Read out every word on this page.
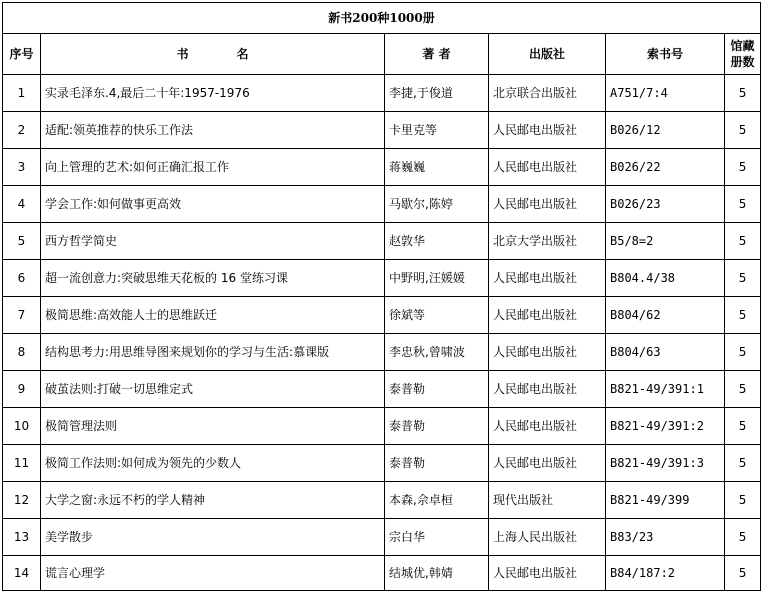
新书200种1000册					
序号	书　　　　名	著 者	出版社	索书号	馆藏册数
1	实录毛泽东.4,最后二十年:1957-1976	李捷,于俊道	北京联合出版社	A751/7:4	5
2	适配:领英推荐的快乐工作法	卡里克等	人民邮电出版社	B026/12	5
3	向上管理的艺术:如何正确汇报工作	蒋巍巍	人民邮电出版社	B026/22	5
4	学会工作:如何做事更高效	马歇尔,陈婷	人民邮电出版社	B026/23	5
5	西方哲学简史	赵敦华	北京大学出版社	B5/8=2	5
6	超一流创意力:突破思维天花板的 16 堂练习课	中野明,汪媛媛	人民邮电出版社	B804.4/38	5
7	极简思维:高效能人士的思维跃迁	徐斌等	人民邮电出版社	B804/62	5
8	结构思考力:用思维导图来规划你的学习与生活:慕课版	李忠秋,曾啸波	人民邮电出版社	B804/63	5
9	破茧法则:打破一切思维定式	泰普勒	人民邮电出版社	B821-49/391:1	5
10	极简管理法则	泰普勒	人民邮电出版社	B821-49/391:2	5
11	极简工作法则:如何成为领先的少数人	泰普勒	人民邮电出版社	B821-49/391:3	5
12	大学之窗:永远不朽的学人精神	本森,佘卓桓	现代出版社	B821-49/399	5
13	美学散步	宗白华	上海人民出版社	B83/23	5
14	谎言心理学	结城优,韩婧	人民邮电出版社	B84/187:2	5
